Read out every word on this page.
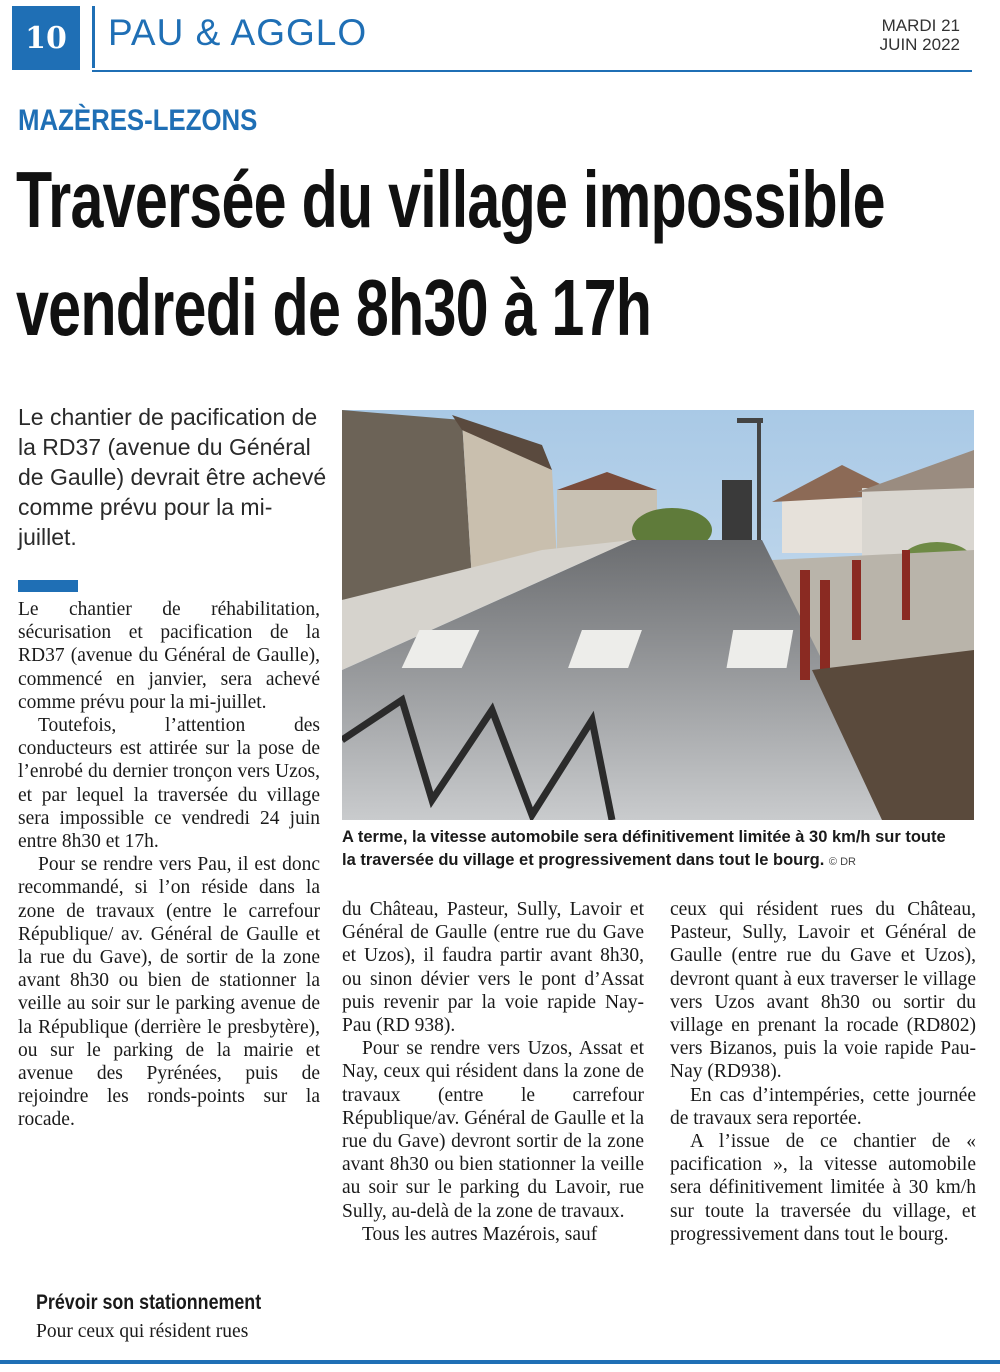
10	PAU & AGGLO	MARDI 21
JUIN 2022
MAZÈRES-LEZONS
Traversée du village impossible
vendredi de 8h30 à 17h
Le chantier de pacification de la RD37 (avenue du Général de Gaulle) devrait être achevé comme prévu pour la mi-juillet.

Le chantier de réhabilitation, sécurisation et pacification de la RD37 (avenue du Général de Gaulle), commencé en janvier, sera achevé comme prévu pour la mi-juillet.

Toutefois, l’attention des conducteurs est attirée sur la pose de l’enrobé du dernier tronçon vers Uzos, et par lequel la traversée du village sera impossible ce vendredi 24 juin entre 8h30 et 17h.

Pour se rendre vers Pau, il est donc recommandé, si l’on réside dans la zone de travaux (entre le carrefour République/ av. Général de Gaulle et la rue du Gave), de sortir de la zone avant 8h30 ou bien de stationner la veille au soir sur le parking avenue de la République (derrière le presbytère), ou sur le parking de la mairie et avenue des Pyrénées, puis de rejoindre les ronds-points sur la rocade.

Prévoir son stationnement

Pour ceux qui résident rues

A terme, la vitesse automobile sera définitivement limitée à 30 km/h sur toute la traversée du village et progressivement dans tout le bourg. © DR

du Château, Pasteur, Sully, Lavoir et Général de Gaulle (entre rue du Gave et Uzos), il faudra partir avant 8h30, ou sinon dévier vers le pont d’Assat puis revenir par la voie rapide Nay-Pau (RD 938).

Pour se rendre vers Uzos, Assat et Nay, ceux qui résident dans la zone de travaux (entre le carrefour République/av. Général de Gaulle et la rue du Gave) devront sortir de la zone avant 8h30 ou bien stationner la veille au soir sur le parking du Lavoir, rue Sully, au-delà de la zone de travaux.

Tous les autres Mazérois, sauf

ceux qui résident rues du Château, Pasteur, Sully, Lavoir et Général de Gaulle (entre rue du Gave et Uzos), devront quant à eux traverser le village vers Uzos avant 8h30 ou sortir du village en prenant la rocade (RD802) vers Bizanos, puis la voie rapide Pau-Nay (RD938).

En cas d’intempéries, cette journée de travaux sera reportée.

A l’issue de ce chantier de « pacification », la vitesse automobile sera définitivement limitée à 30 km/h sur toute la traversée du village, et progressivement dans tout le bourg.
